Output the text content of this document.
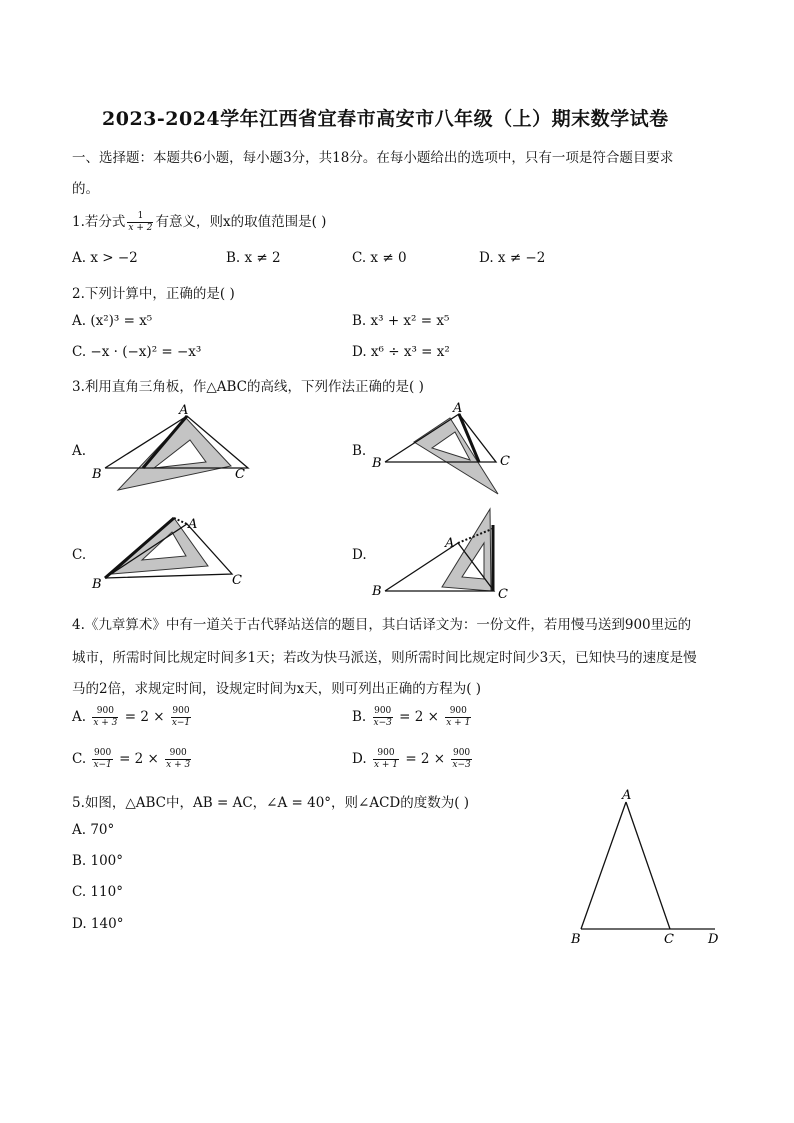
2023-2024学年江西省宜春市高安市八年级（上）期末数学试卷
一、选择题：本题共6小题，每小题3分，共18分。在每小题给出的选项中，只有一项是符合题目要求
的。
1.若分式 $\frac{1}{x + 2}$ 有意义，则x的取值范围是( )
A. x > −2	B. x ≠ 2	C. x ≠ 0	D. x ≠ −2
2.下列计算中，正确的是( )
A. (x²)³ = x⁵	B. x³ + x² = x⁵
C. −x · (−x)² = −x³	D. x⁶ ÷ x³ = x²
3.利用直角三角板，作△ABC的高线，下列作法正确的是( )
A.	B.
C.	D.
A
B	C
A
B	C
A
B	C
A
B	C
4.《九章算术》中有一道关于古代驿站送信的题目，其白话译文为：一份文件，若用慢马送到900里远的
城市，所需时间比规定时间多1天；若改为快马派送，则所需时间比规定时间少3天，已知快马的速度是慢
马的2倍，求规定时间，设规定时间为x天，则可列出正确的方程为( )
A. $\frac{900}{x + 3} = 2 \times \frac{900}{x-1}$	B. $\frac{900}{x-3} = 2 \times \frac{900}{x + 1}$
C. $\frac{900}{x-1} = 2 \times \frac{900}{x + 3}$	D. $\frac{900}{x + 1} = 2 \times \frac{900}{x-3}$
5.如图，△ABC中，AB = AC，∠A = 40°，则∠ACD的度数为( )
A. 70°
B. 100°
C. 110°
D. 140°
A
B	C	D
